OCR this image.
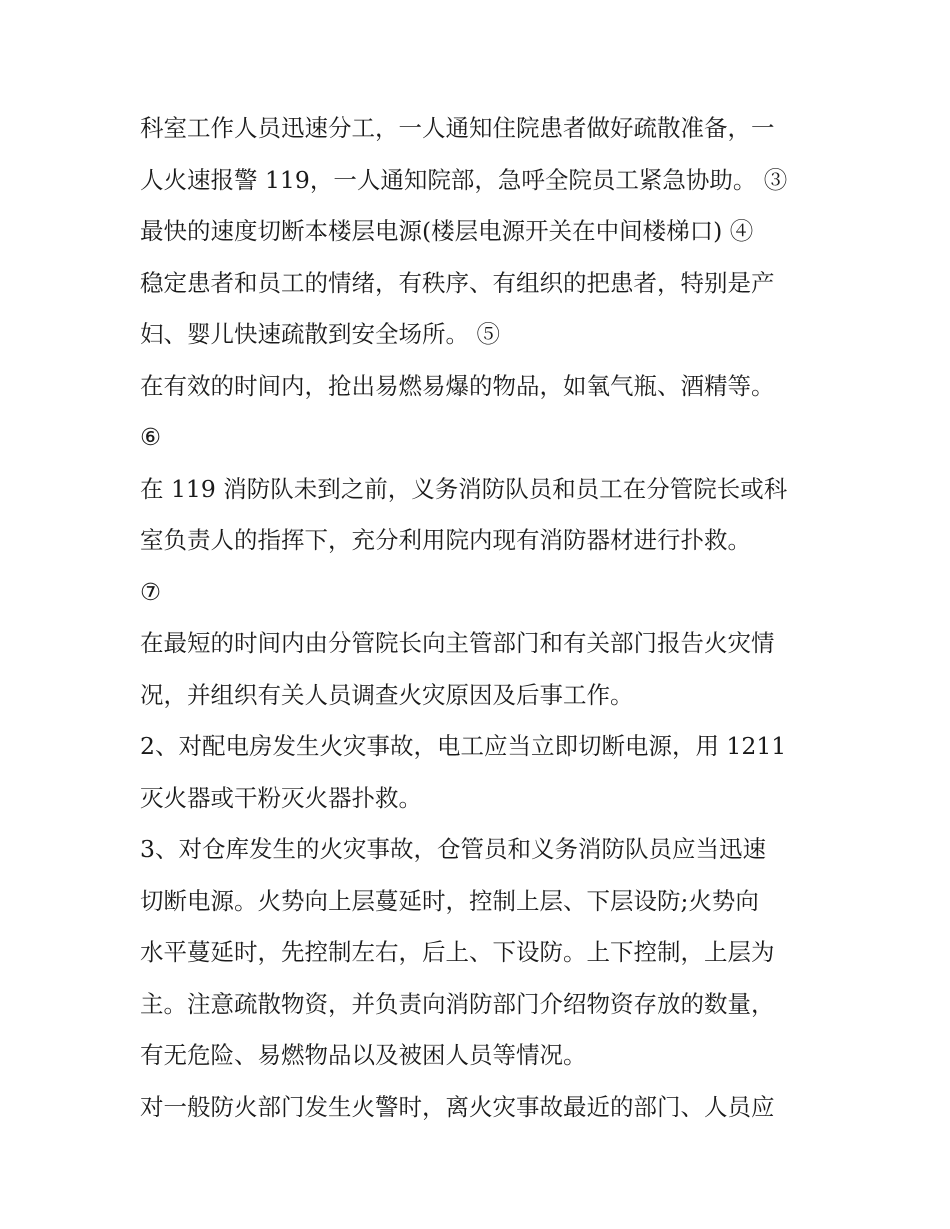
科室工作人员迅速分工，一人通知住院患者做好疏散准备，一
人火速报警 119，一人通知院部，急呼全院员工紧急协助。 ③
最快的速度切断本楼层电源(楼层电源开关在中间楼梯口) ④
稳定患者和员工的情绪，有秩序、有组织的把患者，特别是产
妇、婴儿快速疏散到安全场所。 ⑤
在有效的时间内，抢出易燃易爆的物品，如氧气瓶、酒精等。
⑥
在 119 消防队未到之前，义务消防队员和员工在分管院长或科
室负责人的指挥下，充分利用院内现有消防器材进行扑救。
⑦
在最短的时间内由分管院长向主管部门和有关部门报告火灾情
况，并组织有关人员调查火灾原因及后事工作。
2、对配电房发生火灾事故，电工应当立即切断电源，用 1211
灭火器或干粉灭火器扑救。
3、对仓库发生的火灾事故，仓管员和义务消防队员应当迅速
切断电源。火势向上层蔓延时，控制上层、下层设防;火势向
水平蔓延时，先控制左右，后上、下设防。上下控制，上层为
主。注意疏散物资，并负责向消防部门介绍物资存放的数量，
有无危险、易燃物品以及被困人员等情况。
对一般防火部门发生火警时，离火灾事故最近的部门、人员应
